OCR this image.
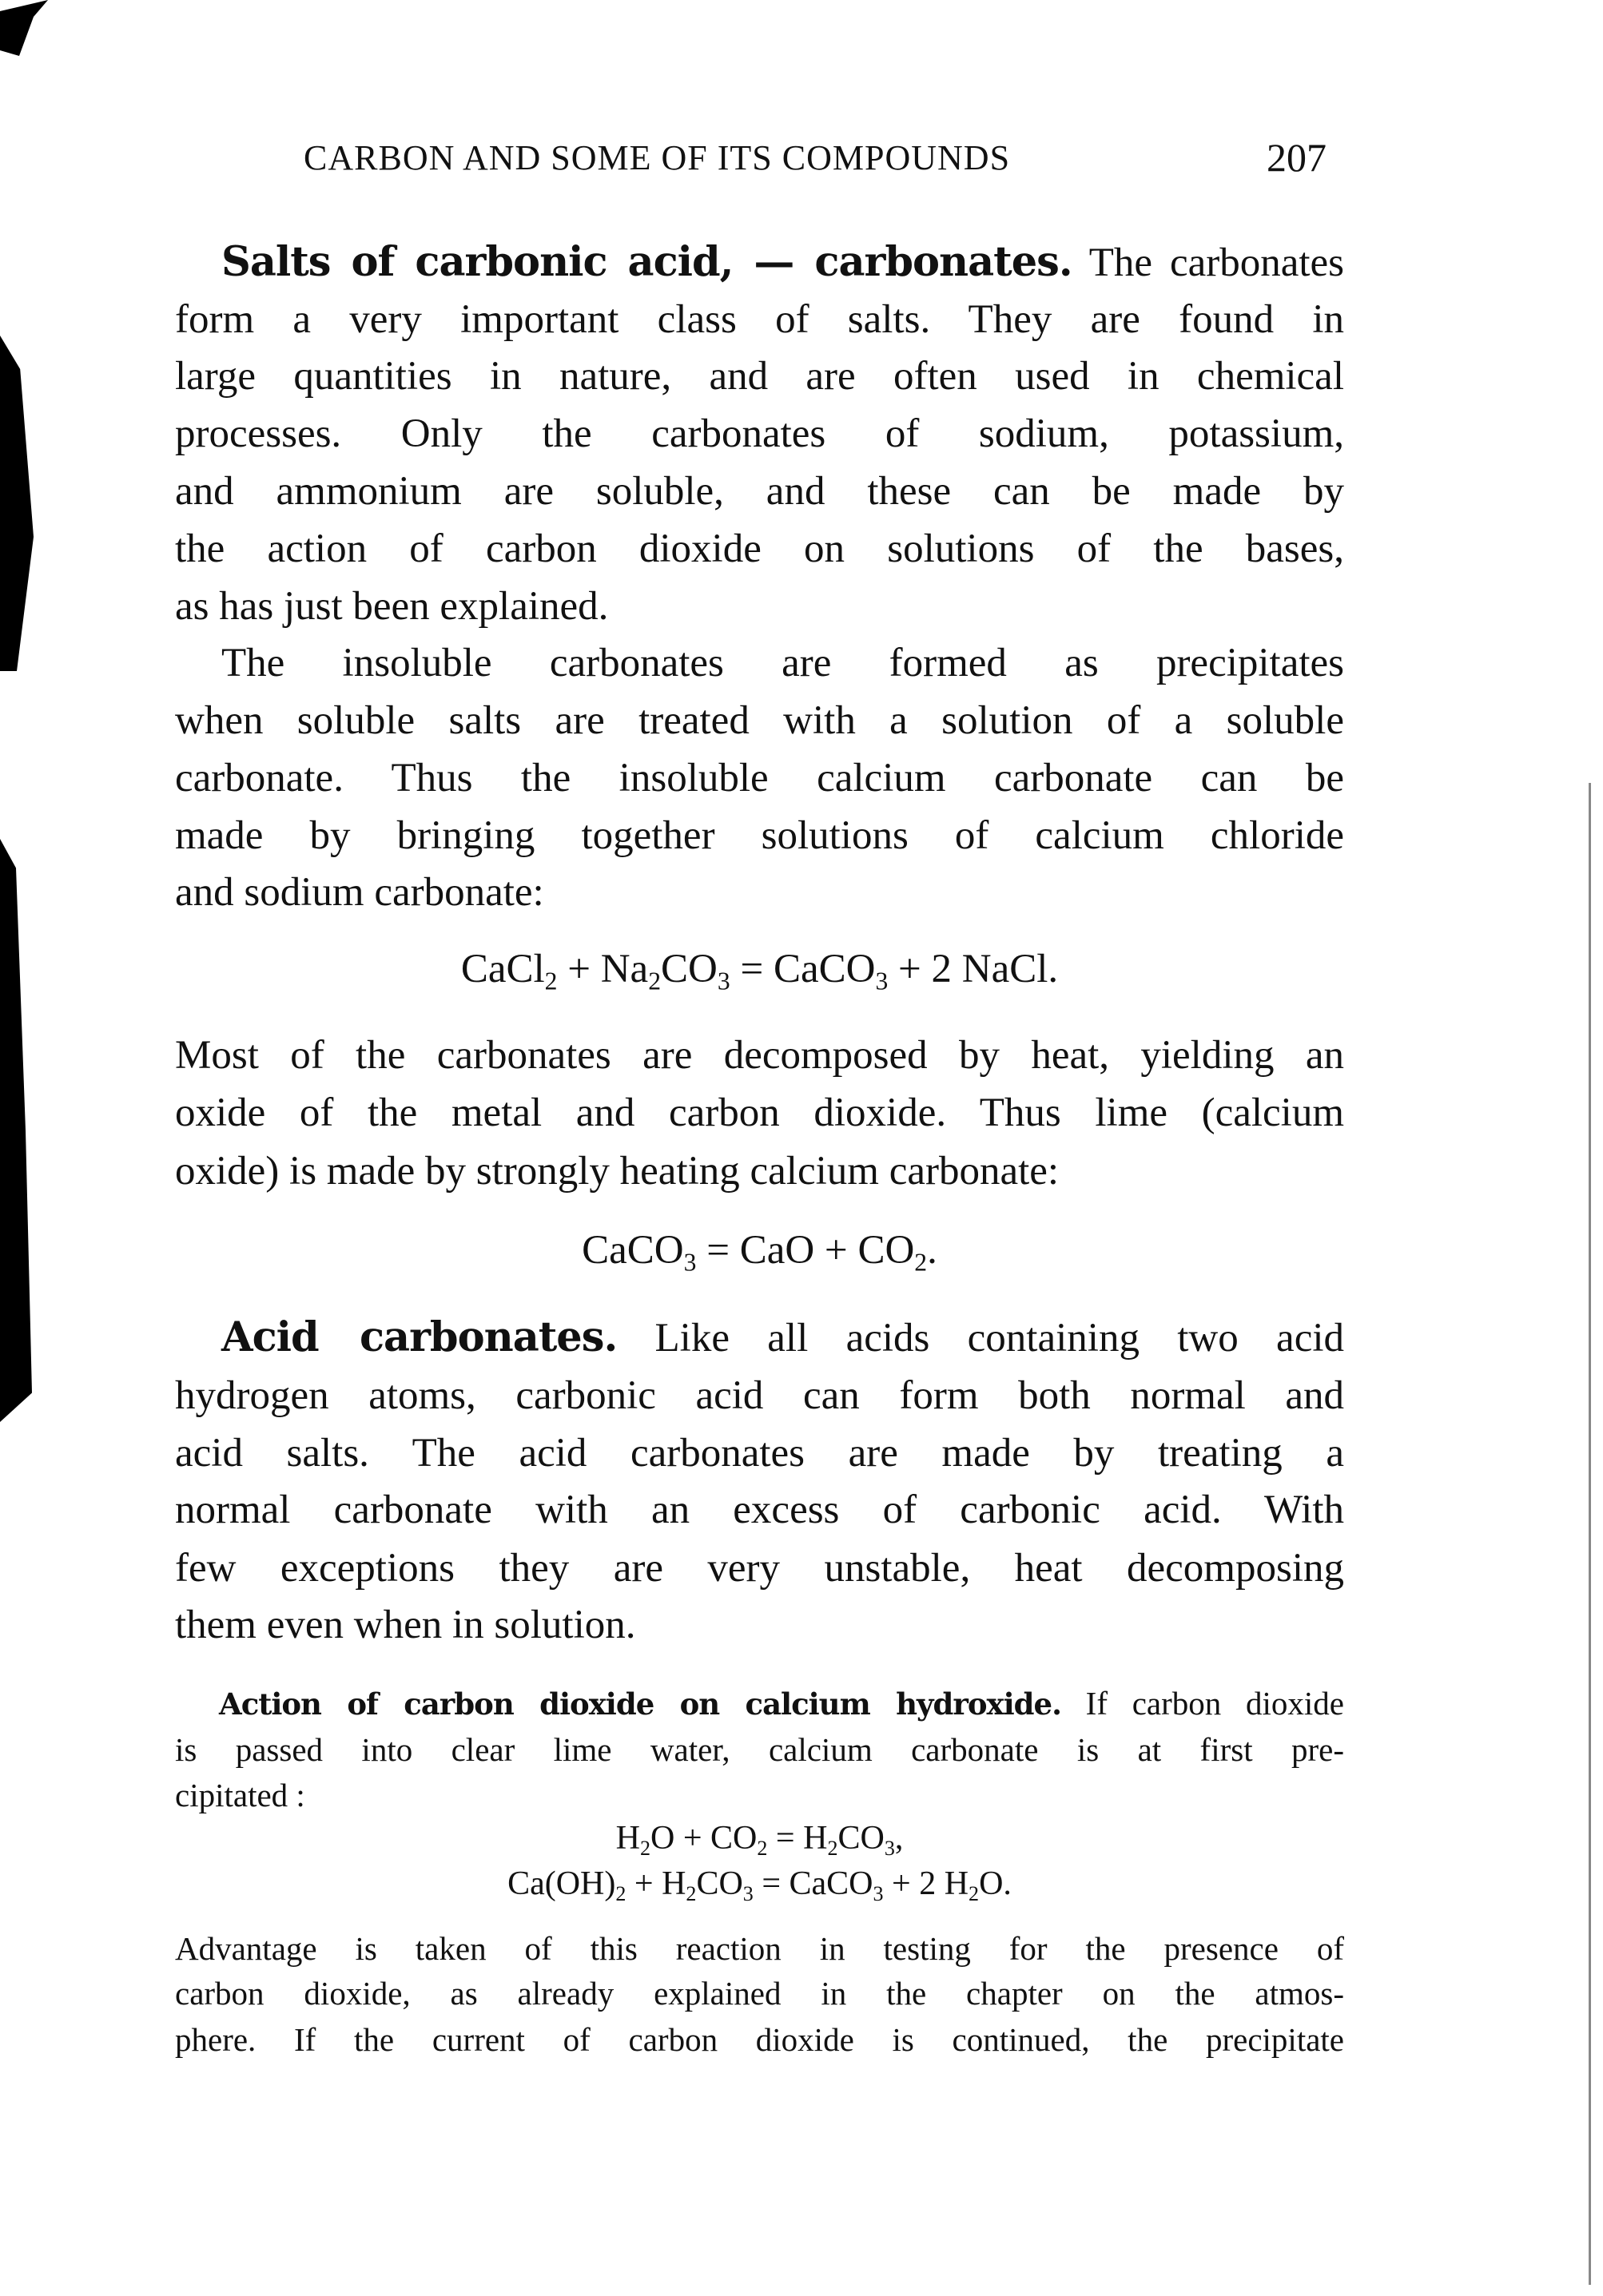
CARBON AND SOME OF ITS COMPOUNDS	207
Salts of carbonic acid, — carbonates. The carbonates
form a very important class of salts. They are found in
large quantities in nature, and are often used in chemical
processes. Only the carbonates of sodium, potassium,
and ammonium are soluble, and these can be made by
the action of carbon dioxide on solutions of the bases,
as has just been explained.
The insoluble carbonates are formed as precipitates
when soluble salts are treated with a solution of a soluble
carbonate. Thus the insoluble calcium carbonate can be
made by bringing together solutions of calcium chloride
and sodium carbonate:
CaCl$_2$ + $Na_2CO_3$ = CaCO$_3$ + 2 NaCl.
Most of the carbonates are decomposed by heat, yielding an
oxide of the metal and carbon dioxide. Thus lime (calcium
oxide) is made by strongly heating calcium carbonate:
CaCO$_3$ = CaO + $CO_2$.
Acid carbonates. Like all acids containing two acid
hydrogen atoms, carbonic acid can form both normal and
acid salts. The acid carbonates are made by treating a
normal carbonate with an excess of carbonic acid. With
few exceptions they are very unstable, heat decomposing
them even when in solution.
Action of carbon dioxide on calcium hydroxide. If carbon dioxide
is passed into clear lime water, calcium carbonate is at first pre-
cipitated :
$H_2O + CO_2 = H_2CO_3$,
$Ca(OH)_2 + H_2CO_3$ = CaCO$_3$ + 2 $H_2O$.
Advantage is taken of this reaction in testing for the presence of
carbon dioxide, as already explained in the chapter on the atmos-
phere. If the current of carbon dioxide is continued, the precipitate
